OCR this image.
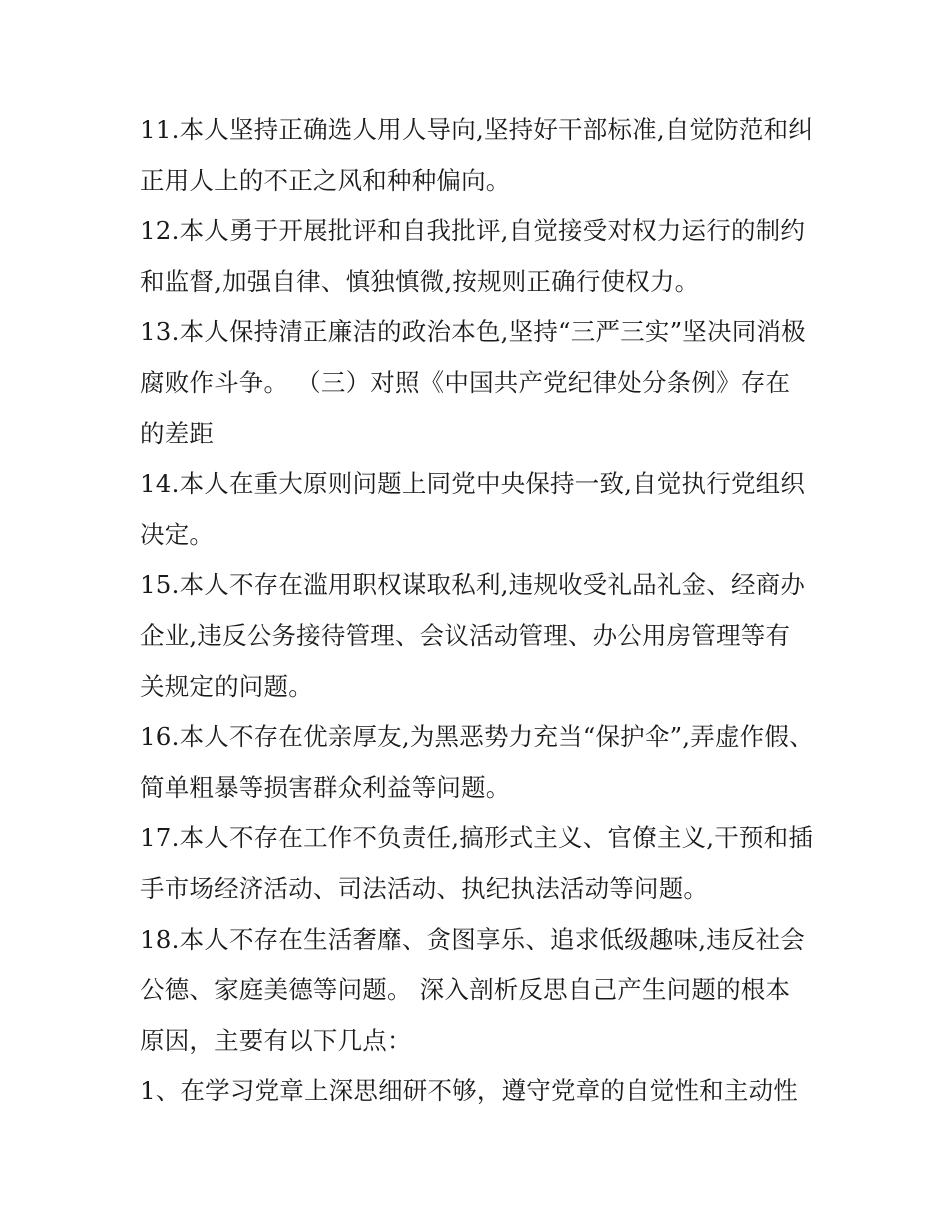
11.本人坚持正确选人用人导向,坚持好干部标准,自觉防范和纠
正用人上的不正之风和种种偏向。
12.本人勇于开展批评和自我批评,自觉接受对权力运行的制约
和监督,加强自律、慎独慎微,按规则正确行使权力。
13.本人保持清正廉洁的政治本色,坚持“三严三实”坚决同消极
腐败作斗争。 （三）对照《中国共产党纪律处分条例》存在
的差距
14.本人在重大原则问题上同党中央保持一致,自觉执行党组织
决定。
15.本人不存在滥用职权谋取私利,违规收受礼品礼金、经商办
企业,违反公务接待管理、会议活动管理、办公用房管理等有
关规定的问题。
16.本人不存在优亲厚友,为黑恶势力充当“保护伞”,弄虚作假、
简单粗暴等损害群众利益等问题。
17.本人不存在工作不负责任,搞形式主义、官僚主义,干预和插
手市场经济活动、司法活动、执纪执法活动等问题。
18.本人不存在生活奢靡、贪图享乐、追求低级趣味,违反社会
公德、家庭美德等问题。 深入剖析反思自己产生问题的根本
原因，主要有以下几点：
1、在学习党章上深思细研不够，遵守党章的自觉性和主动性
